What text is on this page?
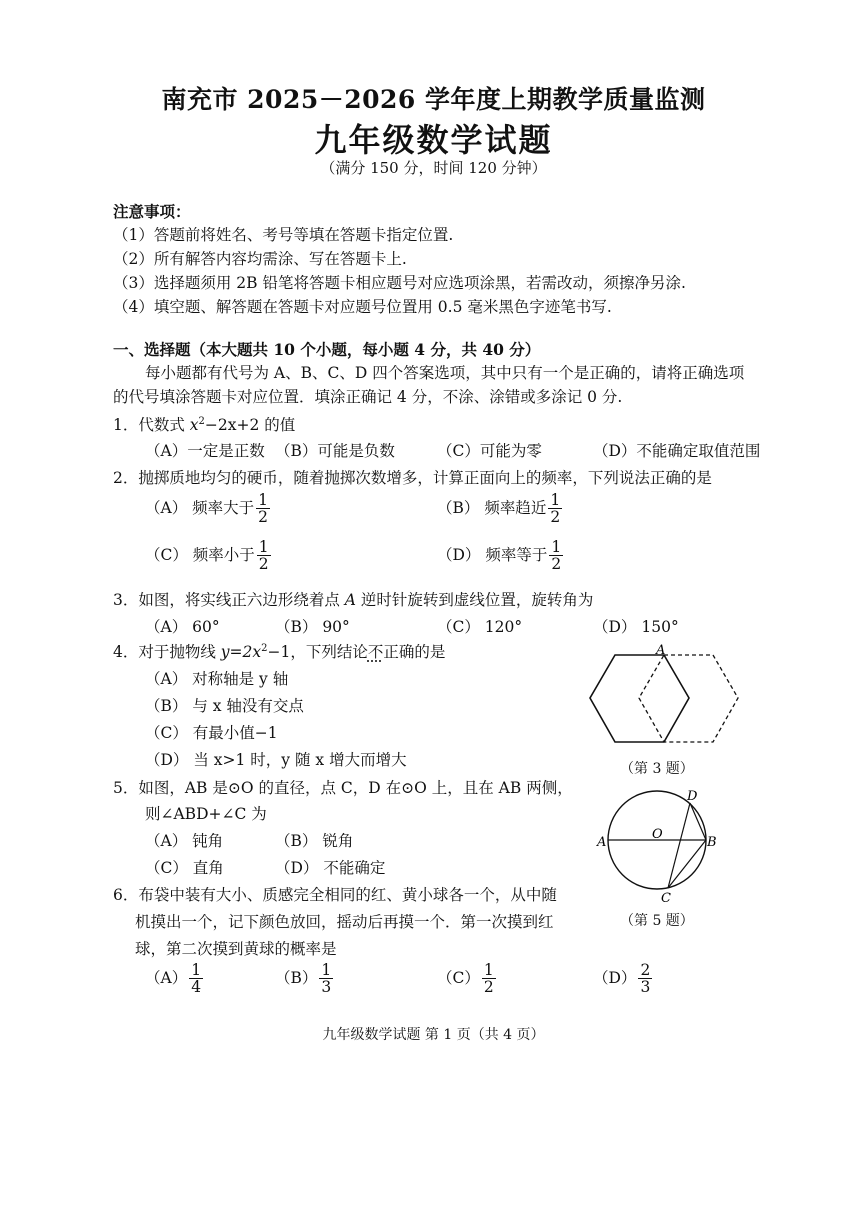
南充市 2025－2026 学年度上期教学质量监测
九年级数学试题
（满分 150 分，时间 120 分钟）
注意事项：
（1）答题前将姓名、考号等填在答题卡指定位置.
（2）所有解答内容均需涂、写在答题卡上.
（3）选择题须用 2B 铅笔将答题卡相应题号对应选项涂黑，若需改动，须擦净另涂.
（4）填空题、解答题在答题卡对应题号位置用 0.5 毫米黑色字迹笔书写.
一、选择题（本大题共 10 个小题，每小题 4 分，共 40 分）
每小题都有代号为 A、B、C、D 四个答案选项，其中只有一个是正确的，请将正确选项
的代号填涂答题卡对应位置．填涂正确记 4 分，不涂、涂错或多涂记 0 分.
1．代数式 $x^2-2x+2$ 的值
（A）一定是正数 （B）可能是负数	（C）可能为零	（D）不能确定取值范围
2．抛掷质地均匀的硬币，随着抛掷次数增多，计算正面向上的频率，下列说法正确的是
（A） 频率大于 $\frac{1}{2}$	（B） 频率趋近 $\frac{1}{2}$
（C） 频率小于 $\frac{1}{2}$	（D） 频率等于 $\frac{1}{2}$
3．如图，将实线正六边形绕着点 A 逆时针旋转到虚线位置，旋转角为
（A） 60°	（B） 90°	（C） 120°	（D） 150°
4．对于抛物线 $y=2x^2-1$，下列结论不正确的是
（A） 对称轴是 y 轴
（B） 与 x 轴没有交点
（C） 有最小值−1
（D） 当 x>1 时，y 随 x 增大而增大
A
（第 3 题）
5．如图，AB 是⊙O 的直径，点 C，D 在⊙O 上，且在 AB 两侧，
则∠ABD+∠C 为
（A） 钝角	（B） 锐角
（C） 直角	（D） 不能确定
A	B
O
D
C
（第 5 题）
6．布袋中装有大小、质感完全相同的红、黄小球各一个，从中随
机摸出一个，记下颜色放回，摇动后再摸一个．第一次摸到红
球，第二次摸到黄球的概率是
$(A) \frac{1}{4}$	$(B) \frac{1}{3}$	$(C) \frac{1}{2}$	$(D) \frac{2}{3}$
九年级数学试题 第 1 页（共 4 页）
